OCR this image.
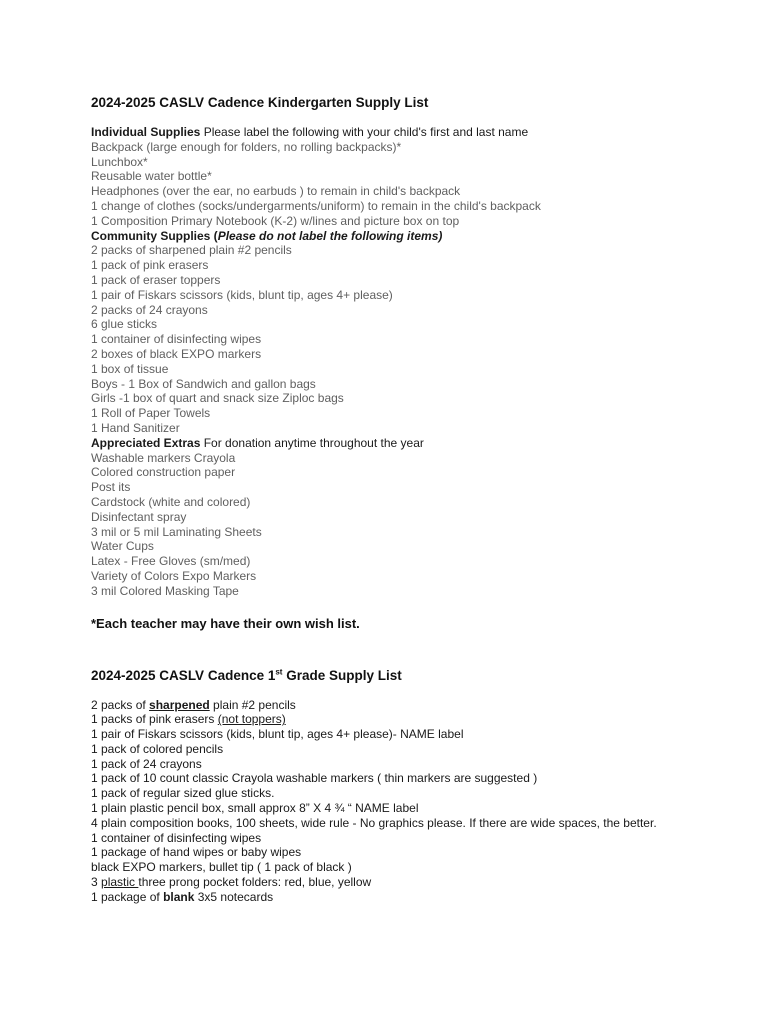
2024-2025 CASLV Cadence Kindergarten Supply List
Individual Supplies Please label the following with your child's first and last name
Backpack (large enough for folders, no rolling backpacks)*
Lunchbox*
Reusable water bottle*
Headphones (over the ear, no earbuds ) to remain in child's backpack
1 change of clothes (socks/undergarments/uniform) to remain in the child's backpack
1 Composition Primary Notebook (K-2) w/lines and picture box on top
Community Supplies (Please do not label the following items)
2 packs of sharpened plain #2 pencils
1 pack of pink erasers
1 pack of eraser toppers
1 pair of Fiskars scissors (kids, blunt tip, ages 4+ please)
2 packs of 24 crayons
6 glue sticks
1 container of disinfecting wipes
2 boxes of black EXPO markers
1 box of tissue
Boys - 1 Box of Sandwich and gallon bags
Girls -1 box of quart and snack size Ziploc bags
1 Roll of Paper Towels
1 Hand Sanitizer
Appreciated Extras For donation anytime throughout the year
Washable markers Crayola
Colored construction paper
Post its
Cardstock (white and colored)
Disinfectant spray
3 mil or 5 mil Laminating Sheets
Water Cups
Latex - Free Gloves (sm/med)
Variety of Colors Expo Markers
3 mil Colored Masking Tape
*Each teacher may have their own wish list.
2024-2025 CASLV Cadence 1st Grade Supply List
2 packs of sharpened plain #2 pencils
1 packs of pink erasers (not toppers)
1 pair of Fiskars scissors (kids, blunt tip, ages 4+ please)- NAME label
1 pack of colored pencils
1 pack of 24 crayons
1 pack of 10 count classic Crayola washable markers ( thin markers are suggested )
1 pack of regular sized glue sticks.
1 plain plastic pencil box, small approx 8” X 4 ¾ “ NAME label
4 plain composition books, 100 sheets, wide rule - No graphics please. If there are wide spaces, the better.
1 container of disinfecting wipes
1 package of hand wipes or baby wipes
black EXPO markers, bullet tip ( 1 pack of black )
3 plastic three prong pocket folders: red, blue, yellow
1 package of blank 3x5 notecards
